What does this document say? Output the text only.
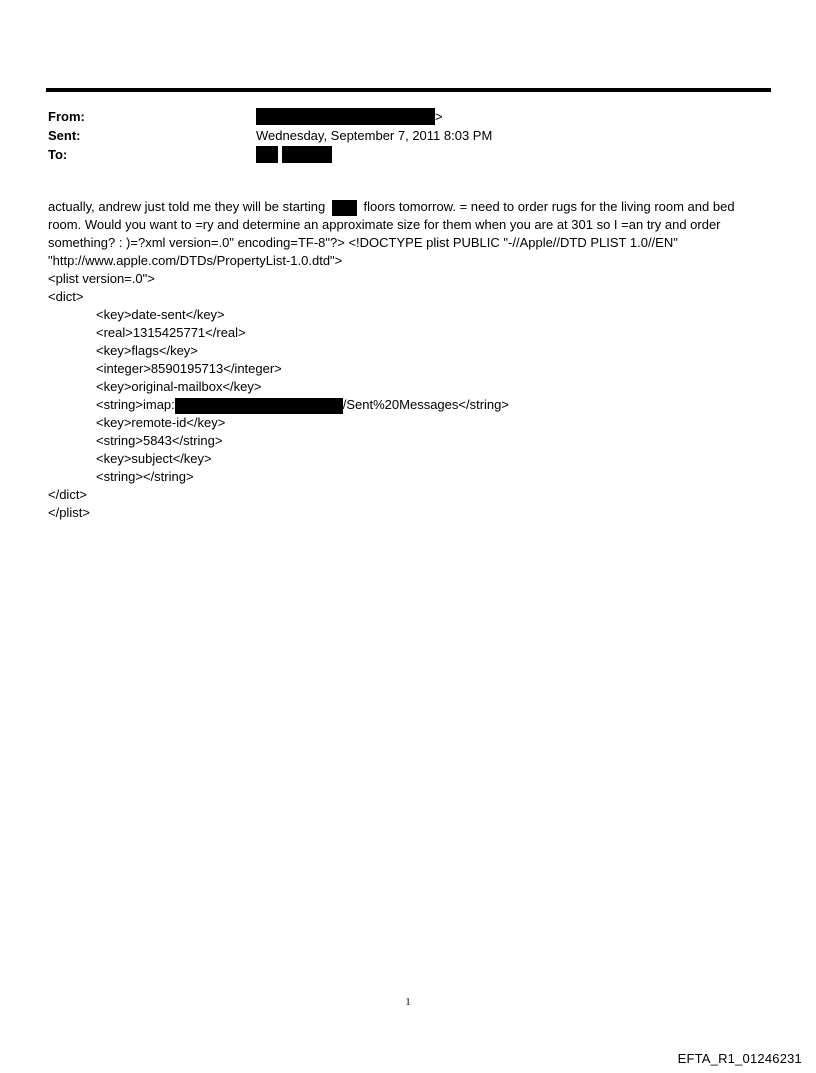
From:	>
Sent:	Wednesday, September 7, 2011 8:03 PM
To:
actually, andrew just told me they will be starting	floors tomorrow. = need to order rugs for the living room and bed
room. Would you want to =ry and determine an approximate size for them when you are at 301 so I =an try and order
something? : )=?xml version=.0" encoding=TF-8"?> <!DOCTYPE plist PUBLIC "-//Apple//DTD PLIST 1.0//EN"
"http://www.apple.com/DTDs/PropertyList-1.0.dtd">
<plist version=.0">
<dict>
<key>date-sent</key>
<real>1315425771</real>
<key>flags</key>
<integer>8590195713</integer>
<key>original-mailbox</key>
<string>imap:	/Sent%20Messages</string>
<key>remote-id</key>
<string>5843</string>
<key>subject</key>
<string></string>
</dict>
</plist>
1
EFTA_R1_01246231
